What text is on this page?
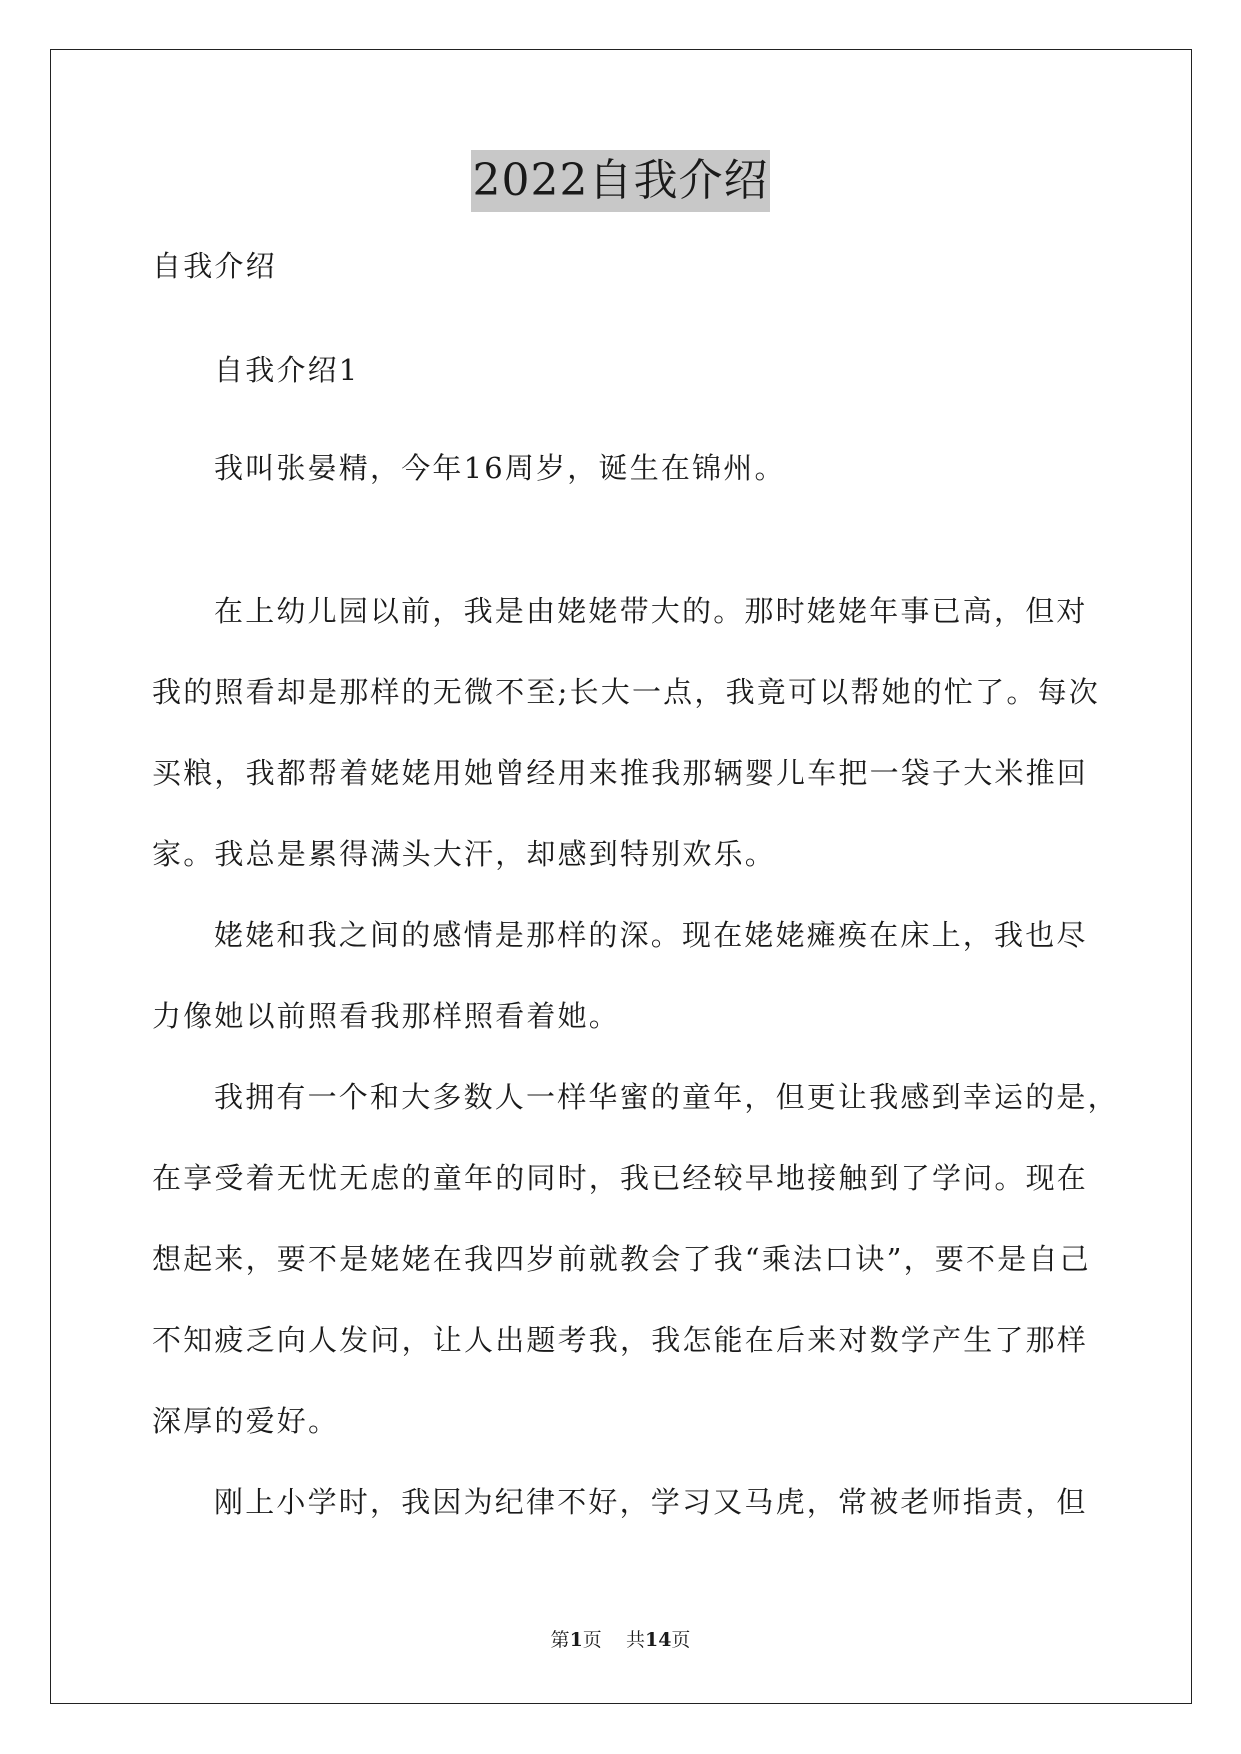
2022自我介绍
自我介绍
自我介绍1
我叫张晏精，今年16周岁，诞生在锦州。
在上幼儿园以前，我是由姥姥带大的。那时姥姥年事已高，但对
我的照看却是那样的无微不至;长大一点，我竟可以帮她的忙了。每次
买粮，我都帮着姥姥用她曾经用来推我那辆婴儿车把一袋子大米推回
家。我总是累得满头大汗，却感到特别欢乐。
姥姥和我之间的感情是那样的深。现在姥姥瘫痪在床上，我也尽
力像她以前照看我那样照看着她。
我拥有一个和大多数人一样华蜜的童年，但更让我感到幸运的是，
在享受着无忧无虑的童年的同时，我已经较早地接触到了学问。现在
想起来，要不是姥姥在我四岁前就教会了我“乘法口诀”，要不是自己
不知疲乏向人发问，让人出题考我，我怎能在后来对数学产生了那样
深厚的爱好。
刚上小学时，我因为纪律不好，学习又马虎，常被老师指责，但
第1页    共14页
